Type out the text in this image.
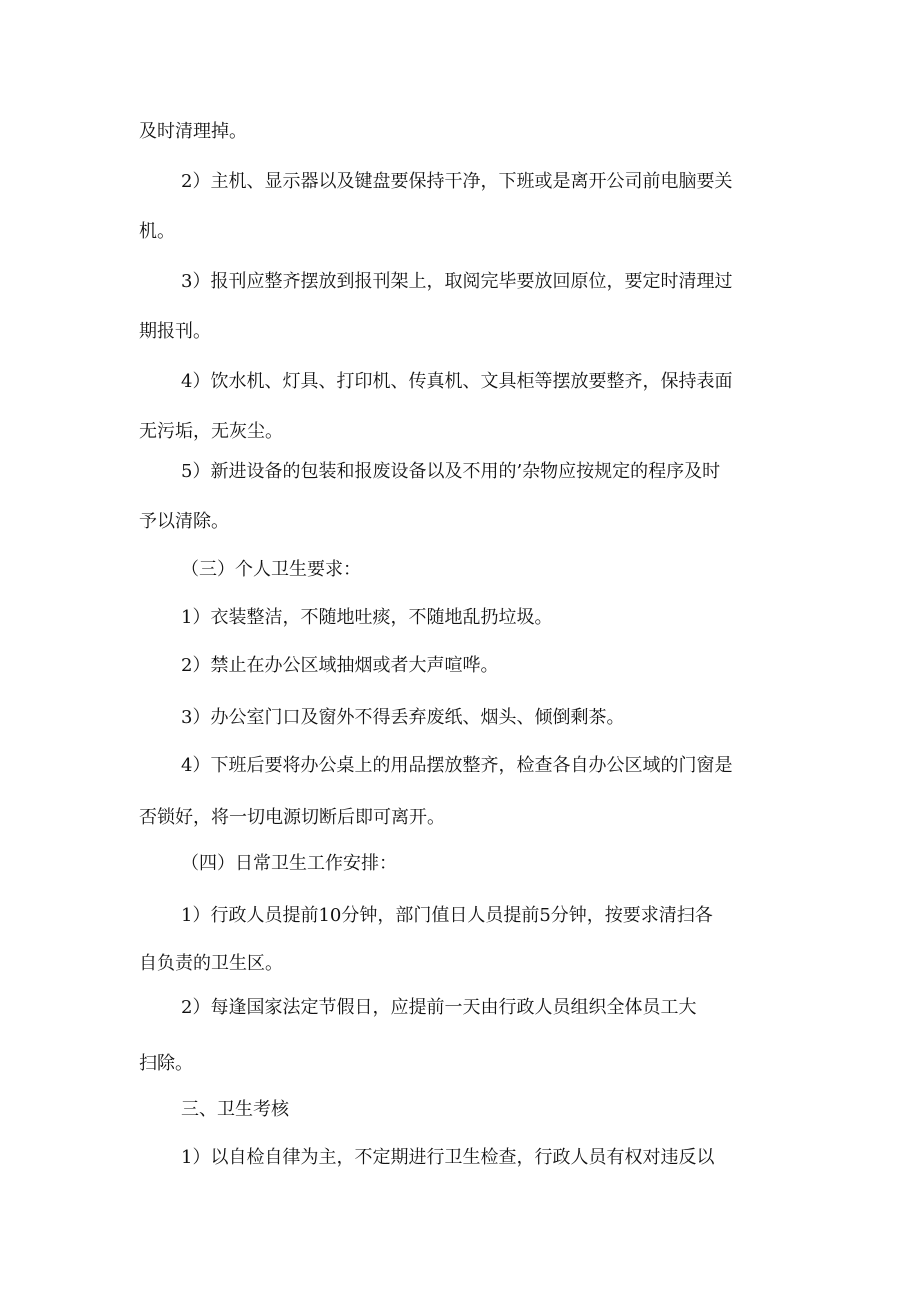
及时清理掉。
2）主机、显示器以及键盘要保持干净，下班或是离开公司前电脑要关
机。
3）报刊应整齐摆放到报刊架上，取阅完毕要放回原位，要定时清理过
期报刊。
4）饮水机、灯具、打印机、传真机、文具柜等摆放要整齐，保持表面
无污垢，无灰尘。
5）新进设备的包装和报废设备以及不用的’杂物应按规定的程序及时
予以清除。
（三）个人卫生要求：
1）衣装整洁，不随地吐痰，不随地乱扔垃圾。
2）禁止在办公区域抽烟或者大声喧哗。
3）办公室门口及窗外不得丢弃废纸、烟头、倾倒剩茶。
4）下班后要将办公桌上的用品摆放整齐，检查各自办公区域的门窗是
否锁好，将一切电源切断后即可离开。
（四）日常卫生工作安排：
1）行政人员提前10分钟，部门值日人员提前5分钟，按要求清扫各
自负责的卫生区。
2）每逢国家法定节假日，应提前一天由行政人员组织全体员工大
扫除。
三、卫生考核
1）以自检自律为主，不定期进行卫生检查，行政人员有权对违反以
